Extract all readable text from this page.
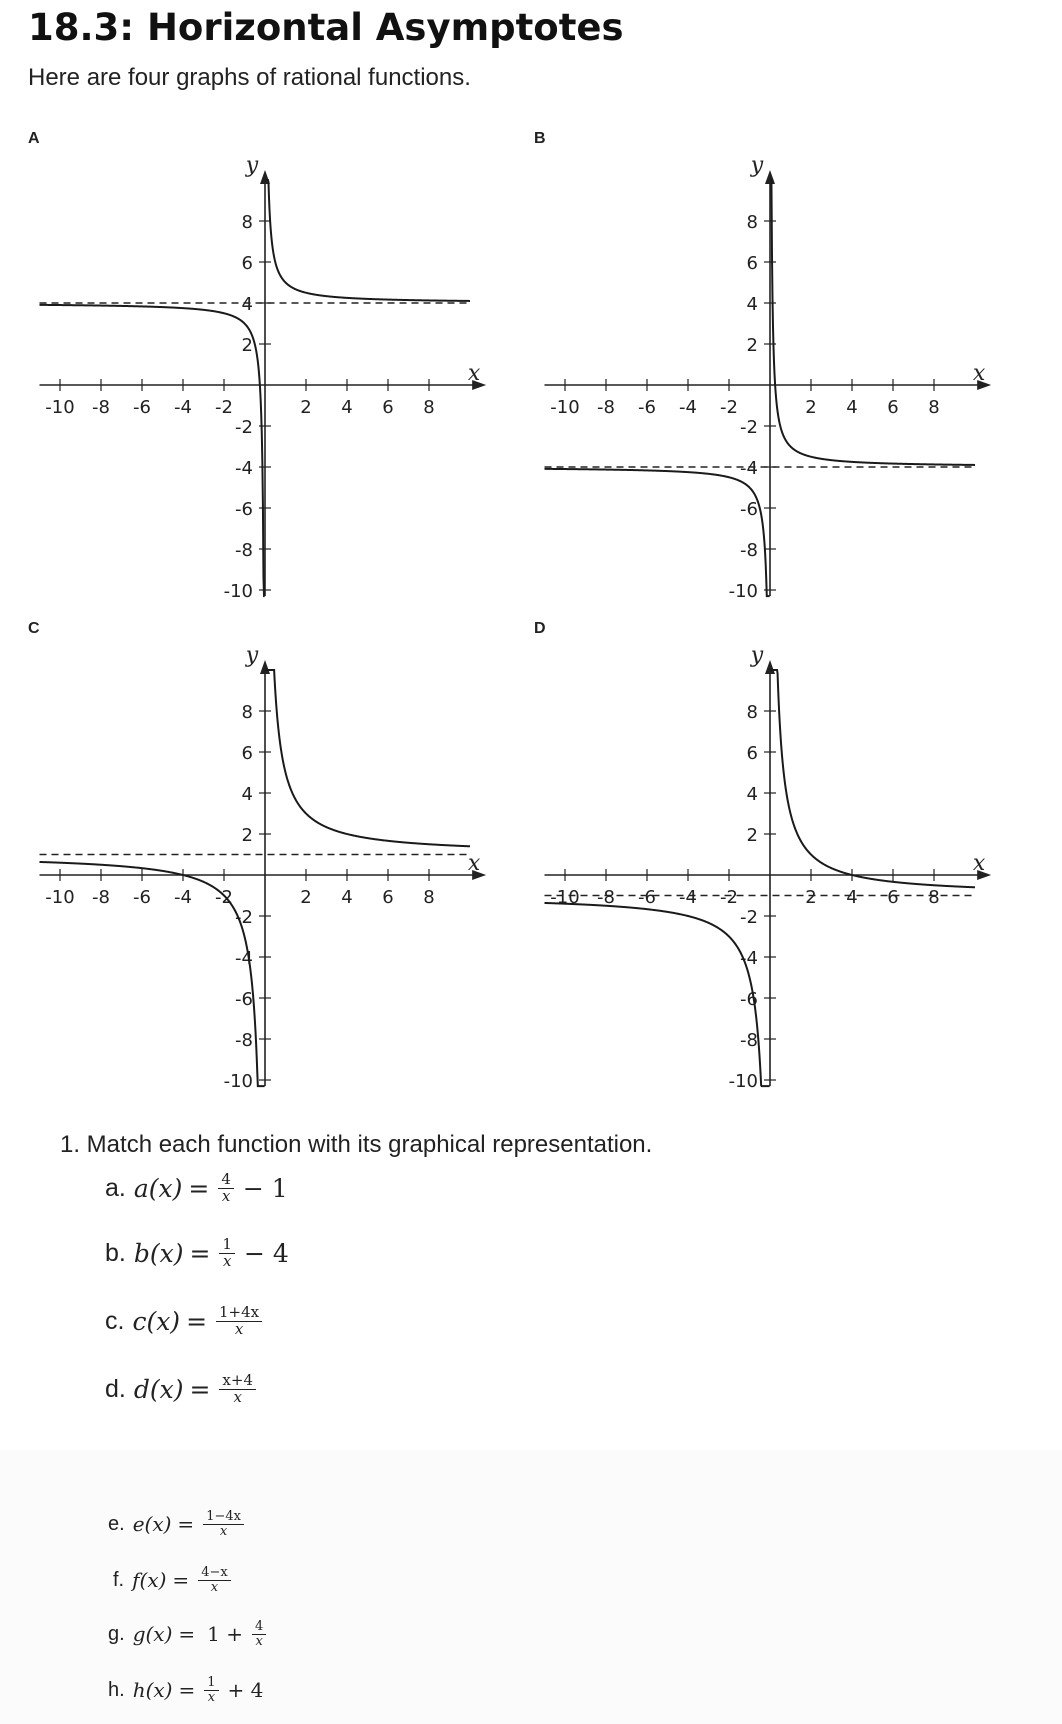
18.3: Horizontal Asymptotes
Here are four graphs of rational functions.
A	B
C	D
-10 -8 -6 -4 -2	2 4 6 8
8
6
4
2
-2
-4
-6
-8
-10
x
y
-10 -8 -6 -4 -2	2 4 6 8
8
6
4
2
-2
-4
-6
-8
-10
x
y
-10 -8 -6 -4 -2	2 4 6 8
8
6
4
2
-2
-4
-6
-8
-10
x
y
-10 -8 -6 -4 -2	2 4 6 8
8
6
4
2
-2
-4
-6
-8
-10
x
y
1. Match each function with its graphical representation.
a. $a(x) = \frac{4}{x} - 1$
b. $b(x) = \frac{1}{x} - 4$
c. $c(x) = \frac{1+4x}{x}$
d. $d(x) = \frac{x+4}{x}$
e. $e(x) = \frac{1-4x}{x}$
f. $f(x) = \frac{4-x}{x}$
g. $g(x) = 1 + \frac{4}{x}$
h. $h(x) = \frac{1}{x} + 4$
